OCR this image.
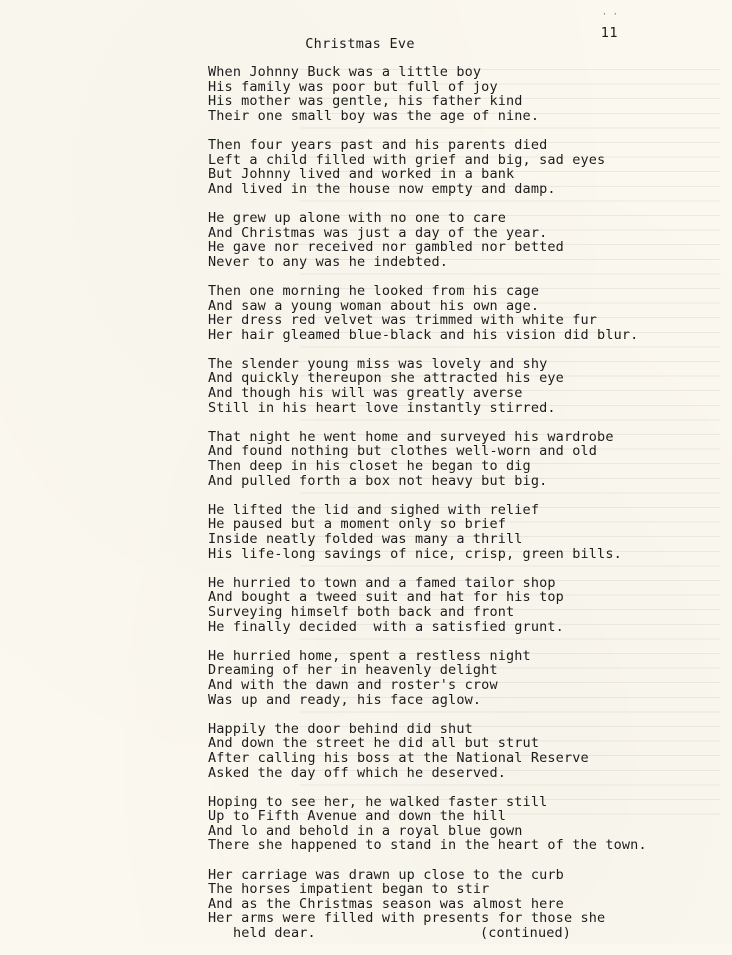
· ·
11
Christmas Eve
When Johnny Buck was a little boy
His family was poor but full of joy
His mother was gentle, his father kind
Their one small boy was the age of nine.
Then four years past and his parents died
Left a child filled with grief and big, sad eyes
But Johnny lived and worked in a bank
And lived in the house now empty and damp.
He grew up alone with no one to care
And Christmas was just a day of the year.
He gave nor received nor gambled nor betted
Never to any was he indebted.
Then one morning he looked from his cage
And saw a young woman about his own age.
Her dress red velvet was trimmed with white fur
Her hair gleamed blue-black and his vision did blur.
The slender young miss was lovely and shy
And quickly thereupon she attracted his eye
And though his will was greatly averse
Still in his heart love instantly stirred.
That night he went home and surveyed his wardrobe
And found nothing but clothes well-worn and old
Then deep in his closet he began to dig
And pulled forth a box not heavy but big.
He lifted the lid and sighed with relief
He paused but a moment only so brief
Inside neatly folded was many a thrill
His life-long savings of nice, crisp, green bills.
He hurried to town and a famed tailor shop
And bought a tweed suit and hat for his top
Surveying himself both back and front
He finally decided  with a satisfied grunt.
He hurried home, spent a restless night
Dreaming of her in heavenly delight
And with the dawn and roster's crow
Was up and ready, his face aglow.
Happily the door behind did shut
And down the street he did all but strut
After calling his boss at the National Reserve
Asked the day off which he deserved.
Hoping to see her, he walked faster still
Up to Fifth Avenue and down the hill
And lo and behold in a royal blue gown
There she happened to stand in the heart of the town.
Her carriage was drawn up close to the curb
The horses impatient began to stir
And as the Christmas season was almost here
Her arms were filled with presents for those she
held dear.	(continued)
